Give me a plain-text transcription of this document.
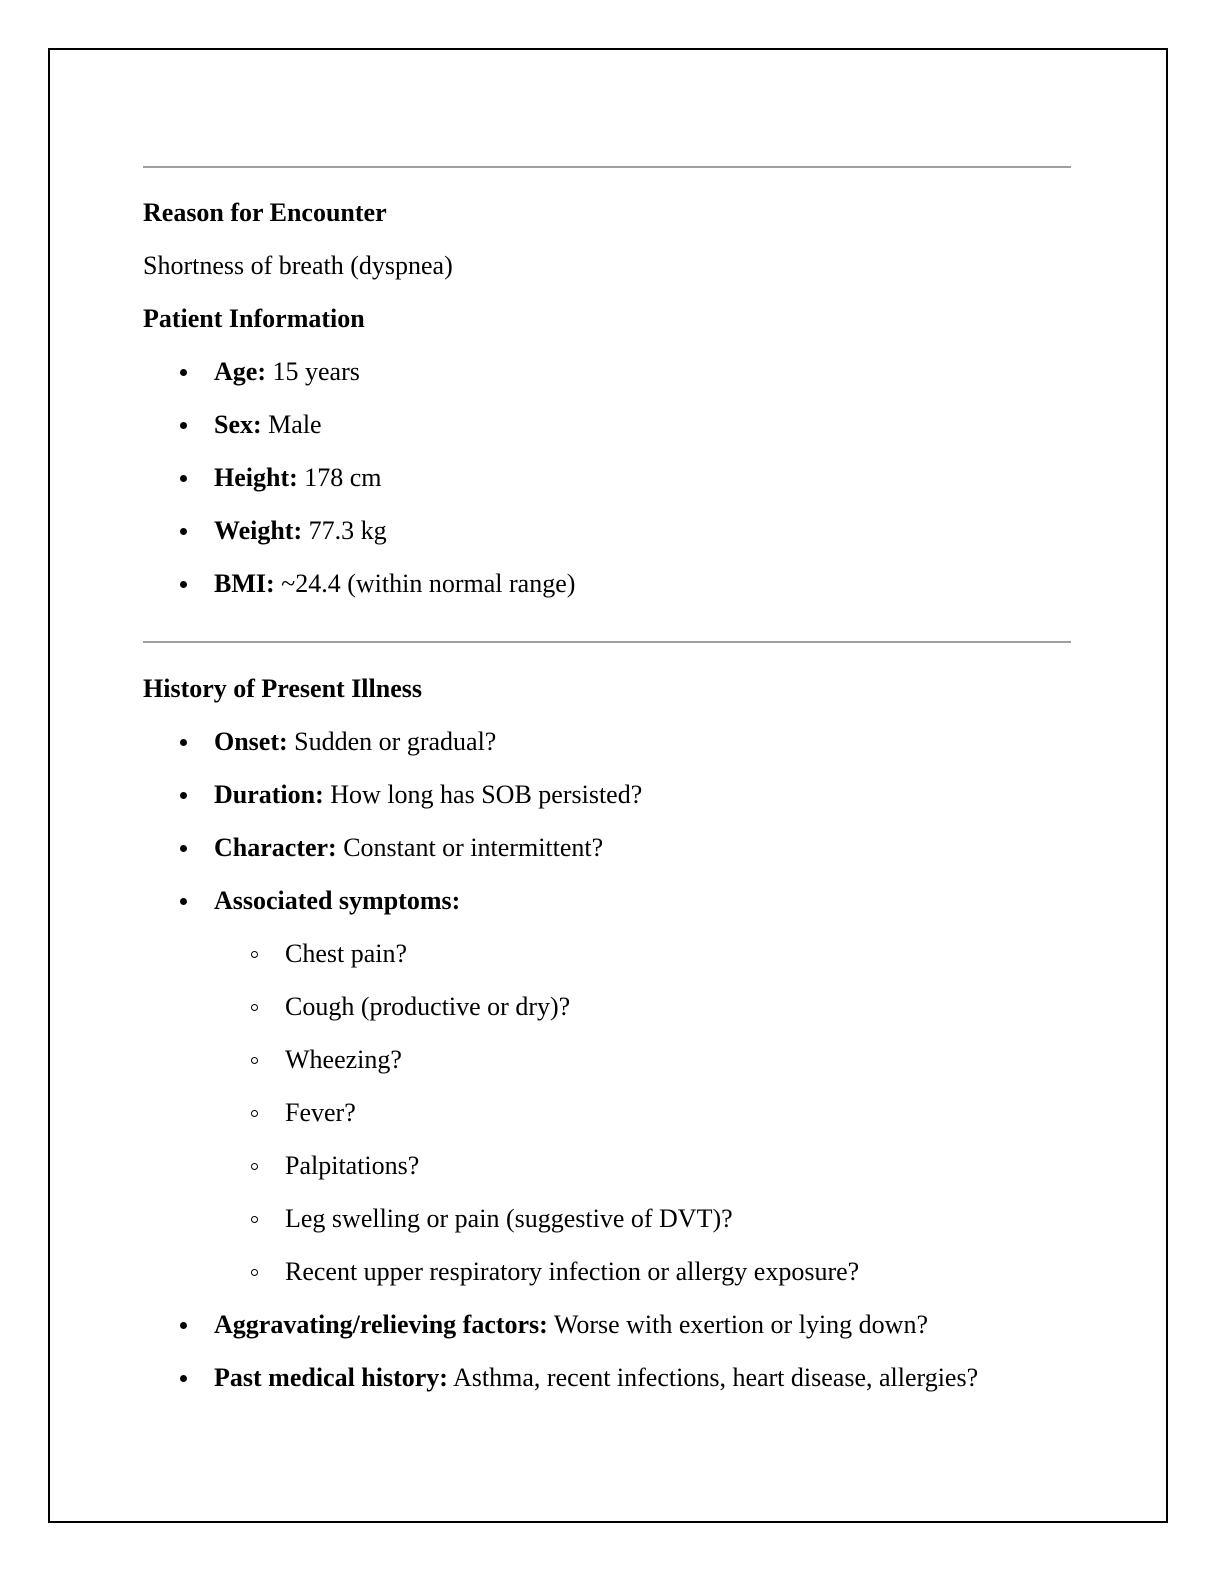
Reason for Encounter
Shortness of breath (dyspnea)
Patient Information
Age: 15 years
Sex: Male
Height: 178 cm
Weight: 77.3 kg
BMI: ~24.4 (within normal range)
History of Present Illness
Onset: Sudden or gradual?
Duration: How long has SOB persisted?
Character: Constant or intermittent?
Associated symptoms:
Chest pain?
Cough (productive or dry)?
Wheezing?
Fever?
Palpitations?
Leg swelling or pain (suggestive of DVT)?
Recent upper respiratory infection or allergy exposure?
Aggravating/relieving factors: Worse with exertion or lying down?
Past medical history: Asthma, recent infections, heart disease, allergies?
